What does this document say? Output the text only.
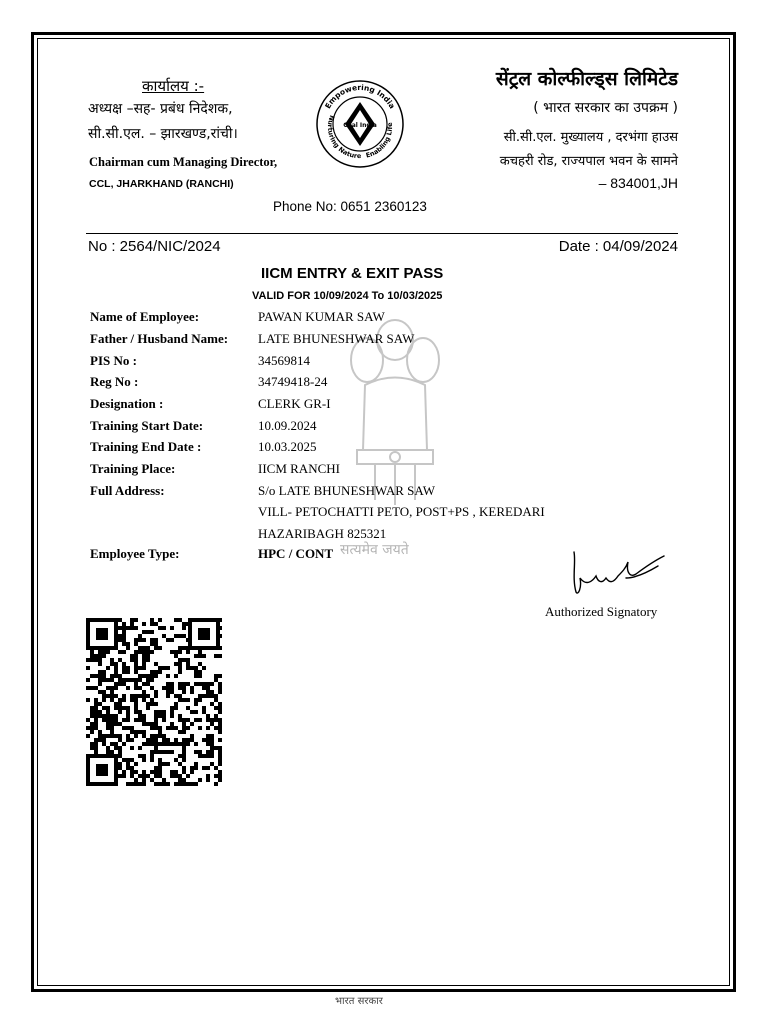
कार्यालय :-
अध्यक्ष –सह- प्रबंध निदेशक,
सी.सी.एल. – झारखण्ड,रांची।
Chairman cum Managing Director,
CCL, JHARKHAND (RANCHI)
Empowering India
Nurturing Nature Enabling Life
Coal India
सेंट्रल कोल्फील्ड्स लिमिटेड
( भारत सरकार का उपक्रम )
सी.सी.एल. मुख्यालय , दरभंगा हाउस
कचहरी रोड, राज्यपाल भवन के सामने
– 834001,JH
Phone No: 0651 2360123
No : 2564/NIC/2024	Date : 04/09/2024
सत्यमेव जयते
IICM ENTRY & EXIT PASS
VALID FOR 10/09/2024 To 10/03/2025
Name of Employee:	PAWAN KUMAR SAW
Father / Husband Name: LATE BHUNESHWAR SAW
PIS No :	34569814
Reg No :	34749418-24
Designation :	CLERK GR-I
Training Start Date:	10.09.2024
Training End Date :	10.03.2025
Training Place:	IICM RANCHI
Full Address:	S/o LATE BHUNESHWAR SAW
VILL- PETOCHATTI PETO, POST+PS , KEREDARI
HAZARIBAGH 825321
Employee Type:	HPC / CONT
Authorized Signatory
भारत सरकार
